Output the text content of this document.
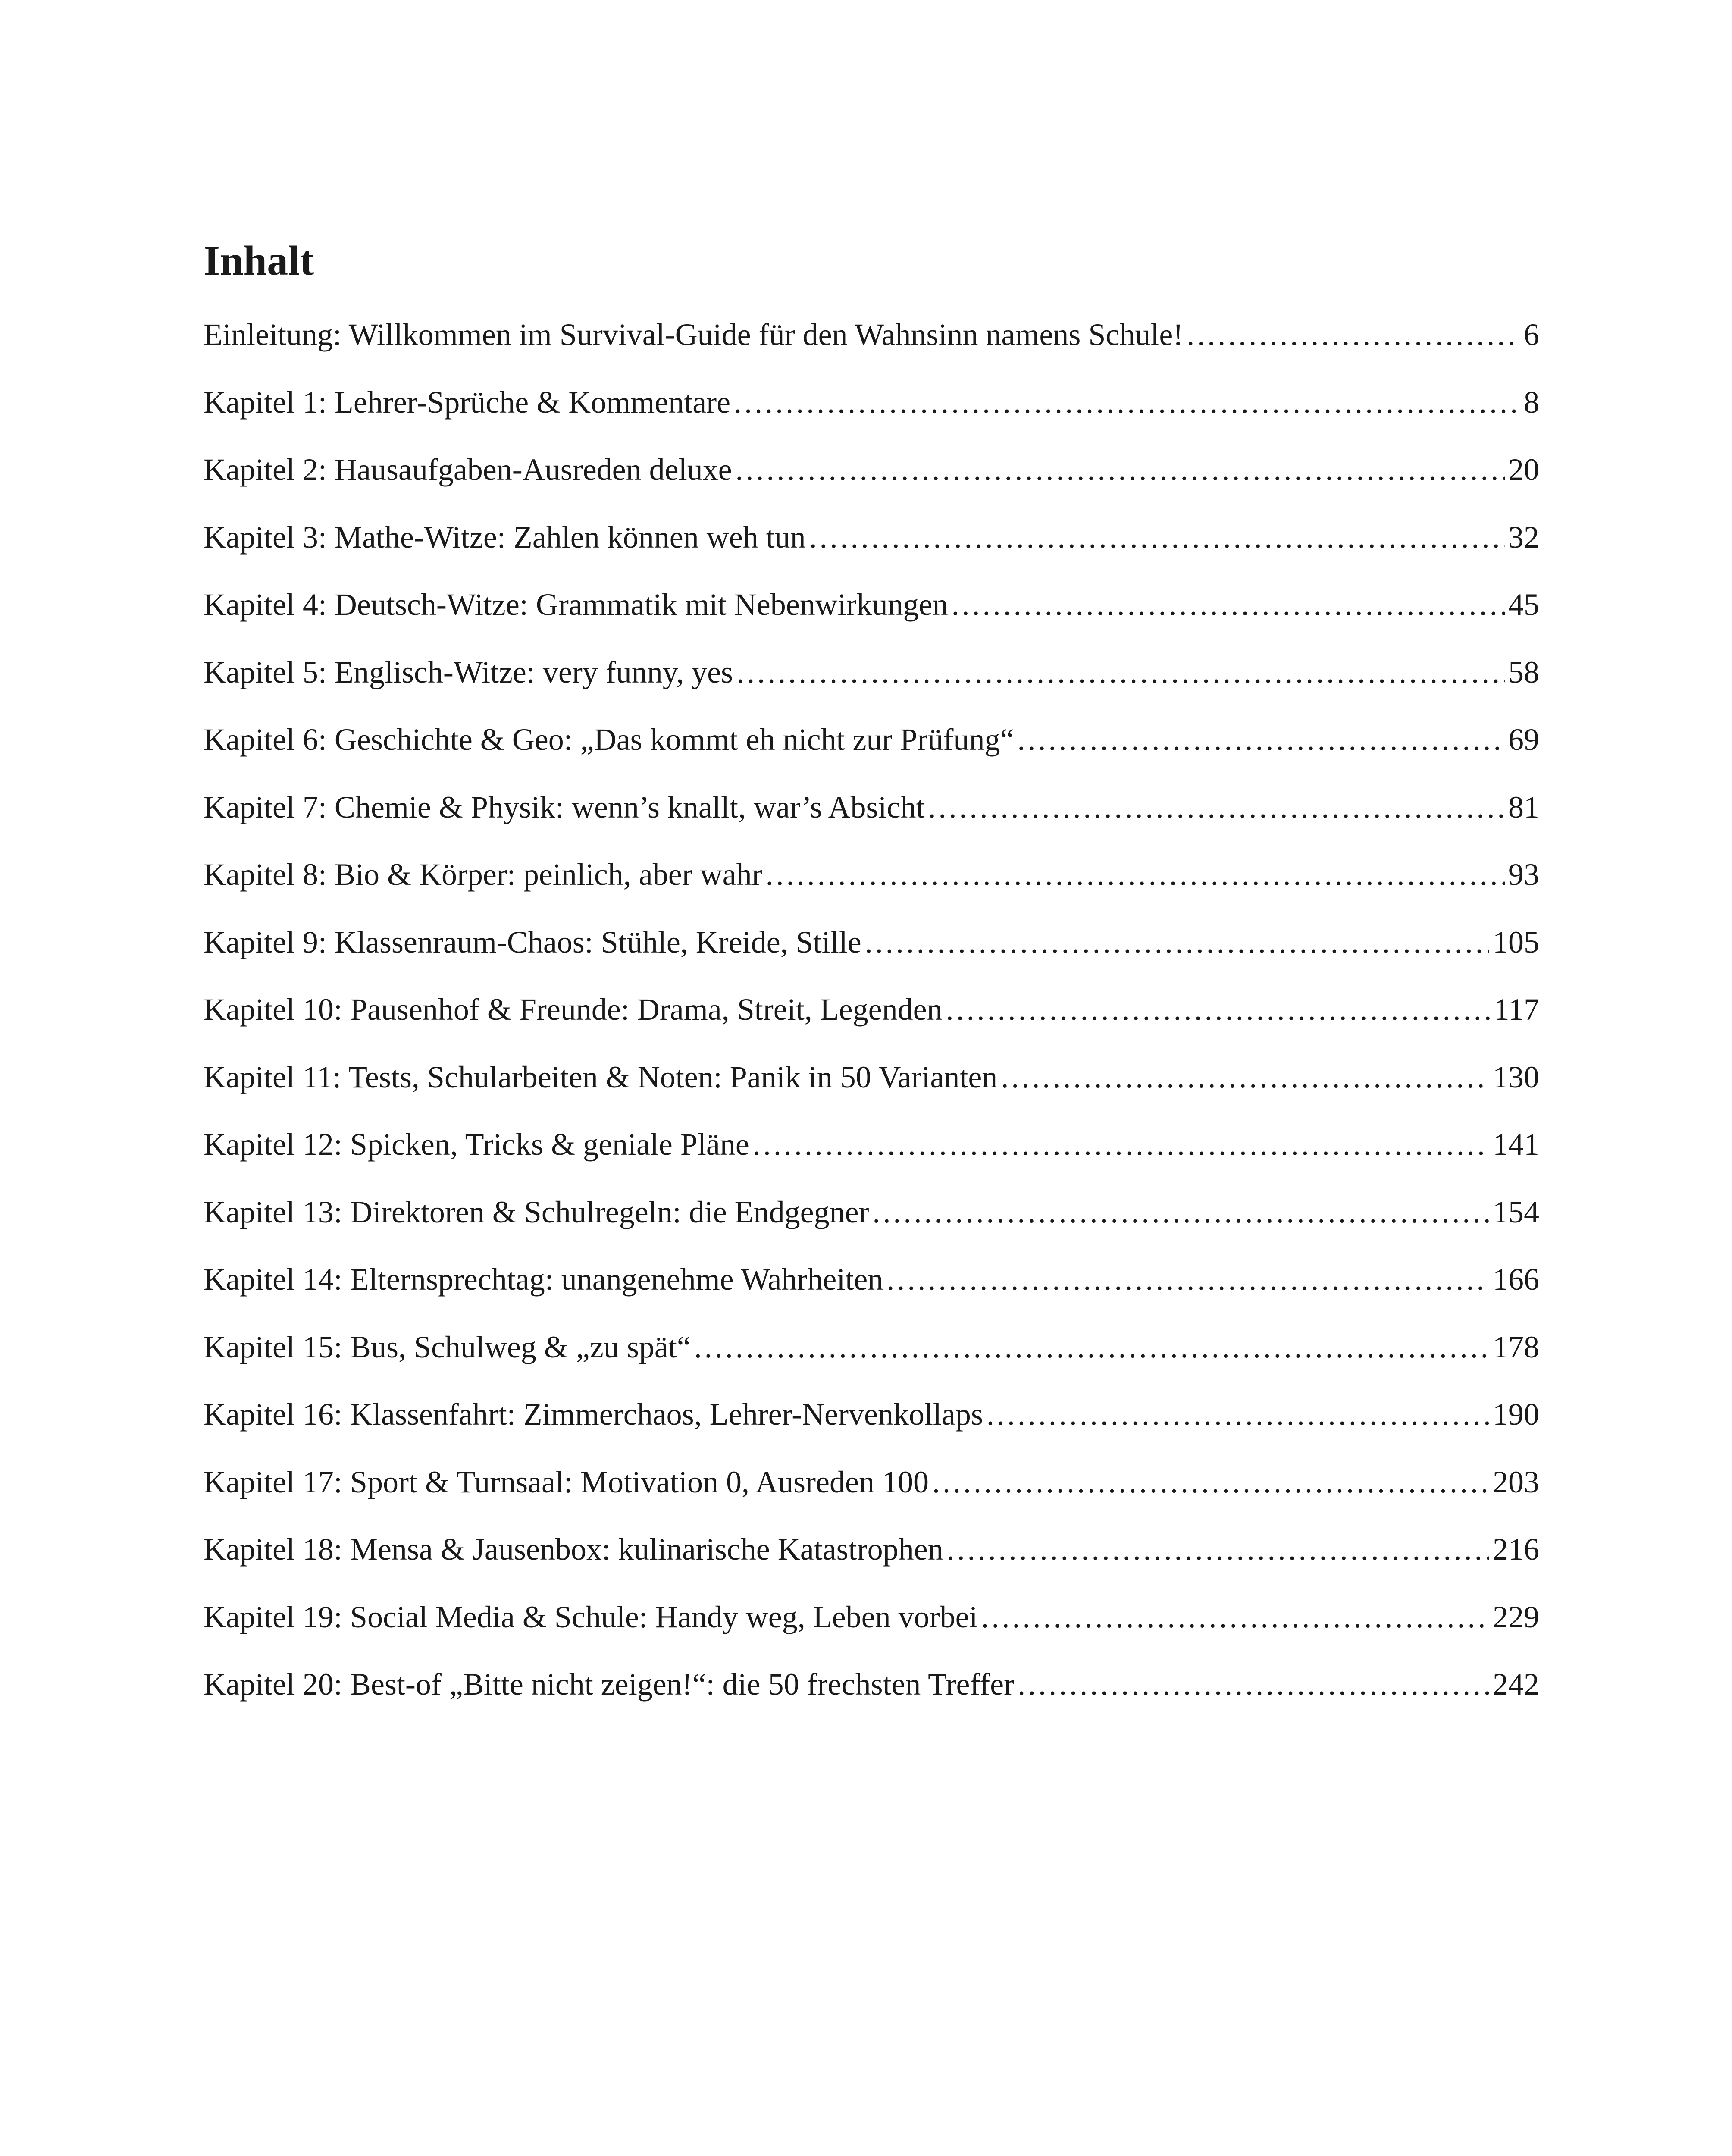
Inhalt
Einleitung: Willkommen im Survival-Guide für den Wahnsinn namens Schule! .....	6
Kapitel 1: Lehrer-Sprüche & Kommentare .....	8
Kapitel 2: Hausaufgaben-Ausreden deluxe .....	20
Kapitel 3: Mathe-Witze: Zahlen können weh tun .....	32
Kapitel 4: Deutsch-Witze: Grammatik mit Nebenwirkungen .....	45
Kapitel 5: Englisch-Witze: very funny, yes .....	58
Kapitel 6: Geschichte & Geo: „Das kommt eh nicht zur Prüfung“ .....	69
Kapitel 7: Chemie & Physik: wenn’s knallt, war’s Absicht .....	81
Kapitel 8: Bio & Körper: peinlich, aber wahr .....	93
Kapitel 9: Klassenraum-Chaos: Stühle, Kreide, Stille .....	105
Kapitel 10: Pausenhof & Freunde: Drama, Streit, Legenden .....	117
Kapitel 11: Tests, Schularbeiten & Noten: Panik in 50 Varianten .....	130
Kapitel 12: Spicken, Tricks & geniale Pläne .....	141
Kapitel 13: Direktoren & Schulregeln: die Endgegner .....	154
Kapitel 14: Elternsprechtag: unangenehme Wahrheiten .....	166
Kapitel 15: Bus, Schulweg & „zu spät“ .....	178
Kapitel 16: Klassenfahrt: Zimmerchaos, Lehrer-Nervenkollaps .....	190
Kapitel 17: Sport & Turnsaal: Motivation 0, Ausreden 100 .....	203
Kapitel 18: Mensa & Jausenbox: kulinarische Katastrophen .....	216
Kapitel 19: Social Media & Schule: Handy weg, Leben vorbei .....	229
Kapitel 20: Best-of „Bitte nicht zeigen!“: die 50 frechsten Treffer .....	242
